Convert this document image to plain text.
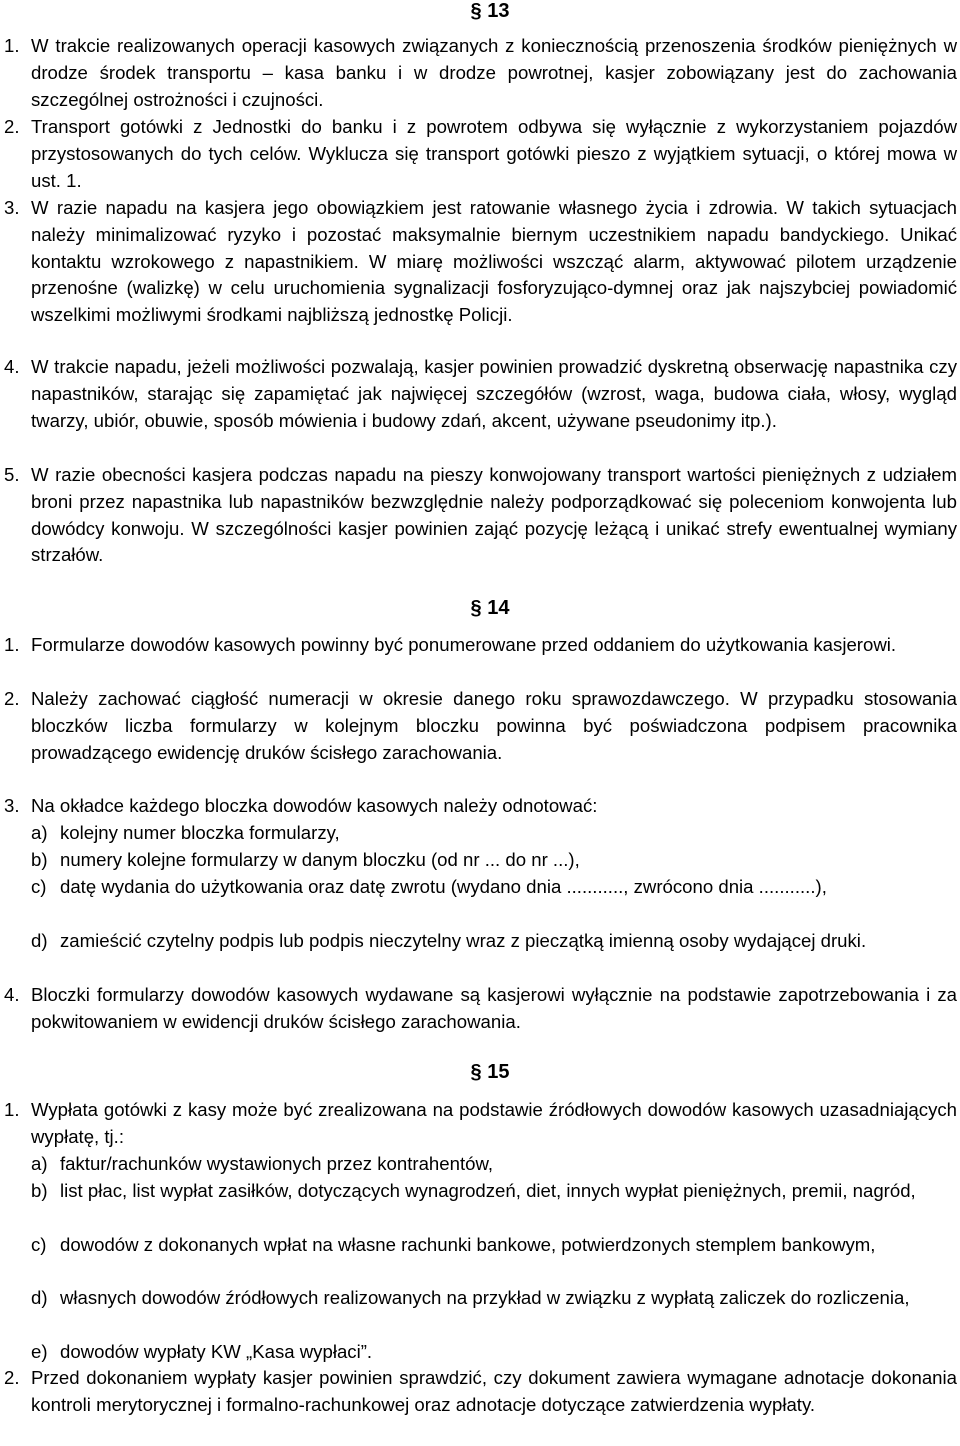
§ 13
1. W trakcie realizowanych operacji kasowych związanych z koniecznością przenoszenia środków pieniężnych w drodze środek transportu – kasa banku i w drodze powrotnej, kasjer zobowiązany jest do zachowania szczególnej ostrożności i czujności.
2. Transport gotówki z Jednostki do banku i z powrotem odbywa się wyłącznie z wykorzystaniem pojazdów przystosowanych do tych celów. Wyklucza się transport gotówki pieszo z wyjątkiem sytuacji, o której mowa w ust. 1.
3. W razie napadu na kasjera jego obowiązkiem jest ratowanie własnego życia i zdrowia. W takich sytuacjach należy minimalizować ryzyko i pozostać maksymalnie biernym uczestnikiem napadu bandyckiego. Unikać kontaktu wzrokowego z napastnikiem. W miarę możliwości wszcząć alarm, aktywować pilotem urządzenie przenośne (walizkę) w celu uruchomienia sygnalizacji fosforyzująco-dymnej oraz jak najszybciej powiadomić wszelkimi możliwymi środkami najbliższą jednostkę Policji.
4. W trakcie napadu, jeżeli możliwości pozwalają, kasjer powinien prowadzić dyskretną obserwację napastnika czy napastników, starając się zapamiętać jak najwięcej szczegółów (wzrost, waga, budowa ciała, włosy, wygląd twarzy, ubiór, obuwie, sposób mówienia i budowy zdań, akcent, używane pseudonimy itp.).
5. W razie obecności kasjera podczas napadu na pieszy konwojowany transport wartości pieniężnych z udziałem broni przez napastnika lub napastników bezwzględnie należy podporządkować się poleceniom konwojenta lub dowódcy konwoju. W szczególności kasjer powinien zająć pozycję leżącą i unikać strefy ewentualnej wymiany strzałów.
§ 14
1. Formularze dowodów kasowych powinny być ponumerowane przed oddaniem do użytkowania kasjerowi.
2. Należy zachować ciągłość numeracji w okresie danego roku sprawozdawczego. W przypadku stosowania bloczków liczba formularzy w kolejnym bloczku powinna być poświadczona podpisem pracownika prowadzącego ewidencję druków ścisłego zarachowania.
3. Na okładce każdego bloczka dowodów kasowych należy odnotować:
a) kolejny numer bloczka formularzy,
b) numery kolejne formularzy w danym bloczku (od nr ... do nr ...),
c) datę wydania do użytkowania oraz datę zwrotu (wydano dnia ..........., zwrócono dnia ...........),
d) zamieścić czytelny podpis lub podpis nieczytelny wraz z pieczątką imienną osoby wydającej druki.
4. Bloczki formularzy dowodów kasowych wydawane są kasjerowi wyłącznie na podstawie zapotrzebowania i za pokwitowaniem w ewidencji druków ścisłego zarachowania.
§ 15
1. Wypłata gotówki z kasy może być zrealizowana na podstawie źródłowych dowodów kasowych uzasadniających wypłatę, tj.:
a) faktur/rachunków wystawionych przez kontrahentów,
b) list płac, list wypłat zasiłków, dotyczących wynagrodzeń, diet, innych wypłat pieniężnych, premii, nagród,
c) dowodów z dokonanych wpłat na własne rachunki bankowe, potwierdzonych stemplem bankowym,
d) własnych dowodów źródłowych realizowanych na przykład w związku z wypłatą zaliczek do rozliczenia,
e) dowodów wypłaty KW „Kasa wypłaci”.
2. Przed dokonaniem wypłaty kasjer powinien sprawdzić, czy dokument zawiera wymagane adnotacje dokonania kontroli merytorycznej i formalno-rachunkowej oraz adnotacje dotyczące zatwierdzenia wypłaty.
